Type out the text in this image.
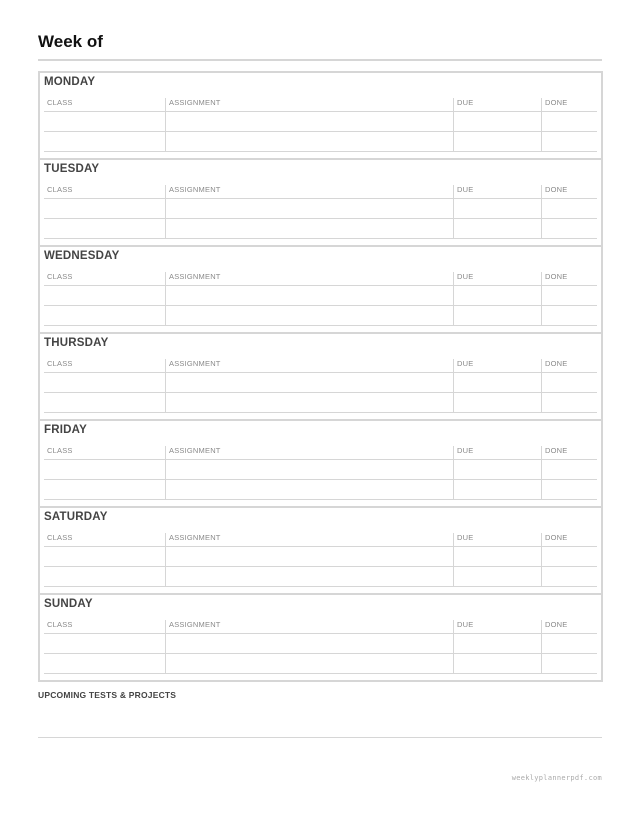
Week of
MONDAY
CLASS	ASSIGNMENT	DUE	DONE
TUESDAY
CLASS	ASSIGNMENT	DUE	DONE
WEDNESDAY
CLASS	ASSIGNMENT	DUE	DONE
THURSDAY
CLASS	ASSIGNMENT	DUE	DONE
FRIDAY
CLASS	ASSIGNMENT	DUE	DONE
SATURDAY
CLASS	ASSIGNMENT	DUE	DONE
SUNDAY
CLASS	ASSIGNMENT	DUE	DONE
UPCOMING TESTS & PROJECTS
weeklyplannerpdf.com
